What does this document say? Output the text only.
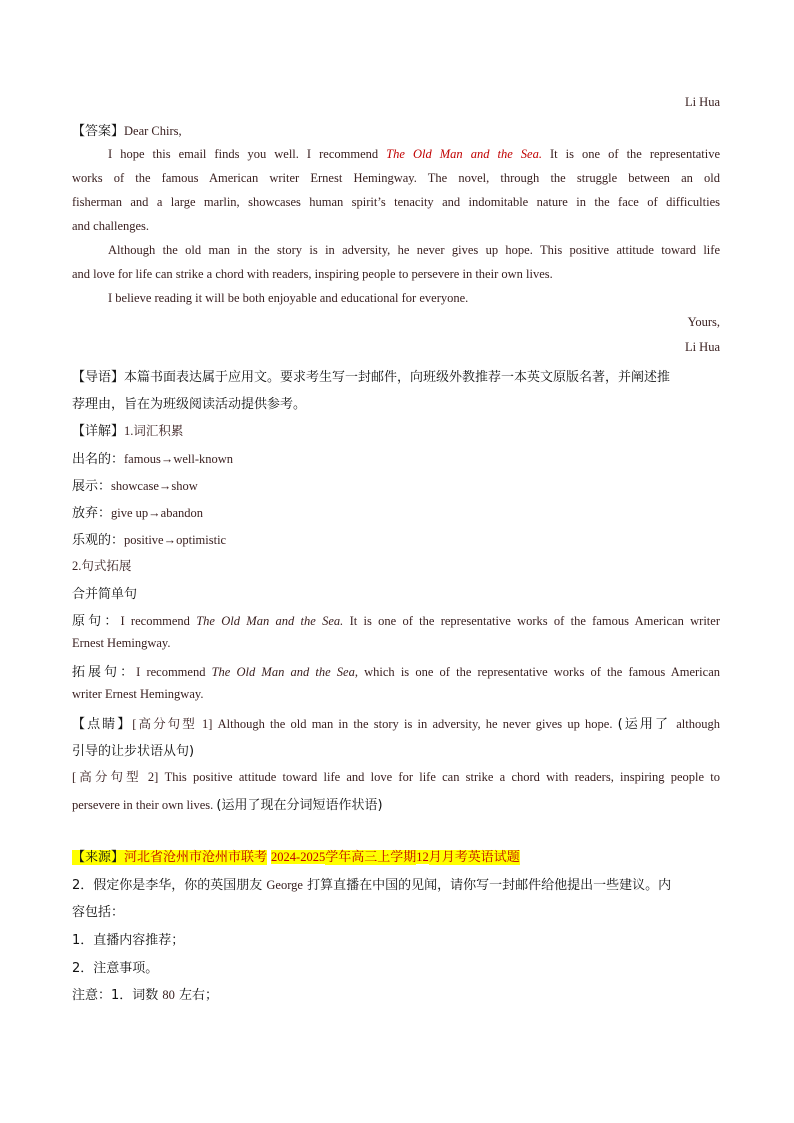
Li Hua
【答案】Dear Chirs,
I hope this email finds you well. I recommend The Old Man and the Sea. It is one of the representative
works of the famous American writer Ernest Hemingway. The novel, through the struggle between an old
fisherman and a large marlin, showcases human spirit’s tenacity and indomitable nature in the face of difficulties
and challenges.
Although the old man in the story is in adversity, he never gives up hope. This positive attitude toward life
and love for life can strike a chord with readers, inspiring people to persevere in their own lives.
I believe reading it will be both enjoyable and educational for everyone.
Yours,
Li Hua
【导语】本篇书面表达属于应用文。要求考生写一封邮件，向班级外教推荐一本英文原版名著，并阐述推
荐理由，旨在为班级阅读活动提供参考。
【详解】1.词汇积累
出名的：famous→well-known
展示：showcase→show
放弃：give up→abandon
乐观的：positive→optimistic
2.句式拓展
合并简单句
原句：I recommend The Old Man and the Sea. It is one of the representative works of the famous American writer
Ernest Hemingway.
拓展句：I recommend The Old Man and the Sea, which is one of the representative works of the famous American
writer Ernest Hemingway.
【点睛】[高分句型 1] Although the old man in the story is in adversity, he never gives up hope. (运用了 although
引导的让步状语从句)
[高分句型 2] This positive attitude toward life and love for life can strike a chord with readers, inspiring people to
persevere in their own lives. (运用了现在分词短语作状语)
【来源】河北省沧州市沧州市联考 2024-2025学年高三上学期12月月考英语试题
2．假定你是李华，你的英国朋友 George 打算直播在中国的见闻，请你写一封邮件给他提出一些建议。内
容包括：
1．直播内容推荐；
2．注意事项。
注意：1．词数 80 左右；
